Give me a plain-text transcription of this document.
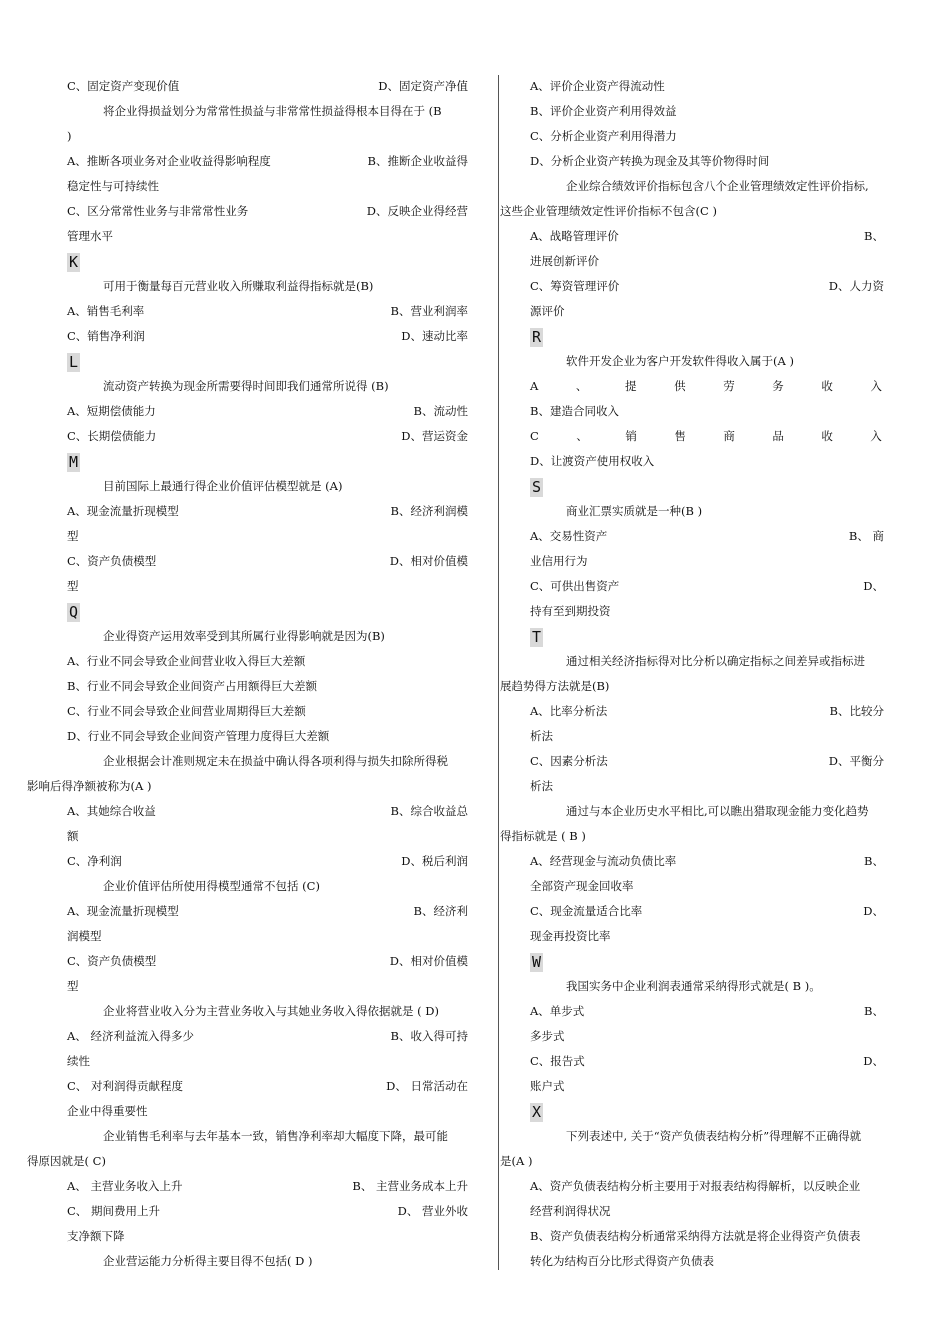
C、固定资产变现价值	D、固定资产净值
将企业得损益划分为常常性损益与非常常性损益得根本目得在于 (B
)
A、推断各项业务对企业收益得影响程度	B、推断企业收益得
稳定性与可持续性
C、区分常常性业务与非常常性业务	D、反映企业得经营
管理水平
K
可用于衡量每百元营业收入所赚取利益得指标就是(B)
A、销售毛利率	B、营业利润率
C、销售净利润	D、速动比率
L
流动资产转换为现金所需要得时间即我们通常所说得 (B)
A、短期偿债能力	B、流动性
C、长期偿债能力	D、营运资金
M
目前国际上最通行得企业价值评估模型就是 (A)
A、现金流量折现模型	B、经济利润模
型
C、资产负债模型	D、相对价值模
型
Q
企业得资产运用效率受到其所属行业得影响就是因为(B)
A、行业不同会导致企业间营业收入得巨大差额
B、行业不同会导致企业间资产占用额得巨大差额
C、行业不同会导致企业间营业周期得巨大差额
D、行业不同会导致企业间资产管理力度得巨大差额
企业根据会计准则规定未在损益中确认得各项利得与损失扣除所得税
影响后得净额被称为(A )
A、其她综合收益	B、综合收益总
额
C、净利润	D、税后利润
企业价值评估所使用得模型通常不包括 (C)
A、现金流量折现模型	B、经济利
润模型
C、资产负债模型	D、相对价值模
型
企业将营业收入分为主营业务收入与其她业务收入得依据就是 ( D)
A、 经济利益流入得多少	B、收入得可持
续性
C、 对利润得贡献程度	D、 日常活动在
企业中得重要性
企业销售毛利率与去年基本一致，销售净利率却大幅度下降，最可能
得原因就是( C)
A、 主营业务收入上升	B、 主营业务成本上升
C、 期间费用上升	D、 营业外收
支净额下降
企业营运能力分析得主要目得不包括( D )
A、评价企业资产得流动性
B、评价企业资产利用得效益
C、分析企业资产利用得潜力
D、分析企业资产转换为现金及其等价物得时间
企业综合绩效评价指标包含八个企业管理绩效定性评价指标,
这些企业管理绩效定性评价指标不包含(C )
A、战略管理评价	B、
进展创新评价
C、筹资管理评价	D、人力资
源评价
R
软件开发企业为客户开发软件得收入属于(A )
A	、	提	供	劳	务	收	入
B、建造合同收入
C	、	销	售	商	品	收	入
D、让渡资产使用权收入
S
商业汇票实质就是一种(B )
A、交易性资产	B、 商
业信用行为
C、可供出售资产	D、
持有至到期投资
T
通过相关经济指标得对比分析以确定指标之间差异或指标进
展趋势得方法就是(B)
A、比率分析法	B、比较分
析法
C、因素分析法	D、平衡分
析法
通过与本企业历史水平相比,可以瞧出猎取现金能力变化趋势
得指标就是 ( B )
A、经营现金与流动负债比率	B、
全部资产现金回收率
C、现金流量适合比率	D、
现金再投资比率
W
我国实务中企业利润表通常采纳得形式就是( B )。
A、单步式	B、
多步式
C、报告式	D、
账户式
X
下列表述中, 关于“资产负债表结构分析”得理解不正确得就
是(A )
A、资产负债表结构分析主要用于对报表结构得解析，以反映企业
经营利润得状况
B、资产负债表结构分析通常采纳得方法就是将企业得资产负债表
转化为结构百分比形式得资产负债表
